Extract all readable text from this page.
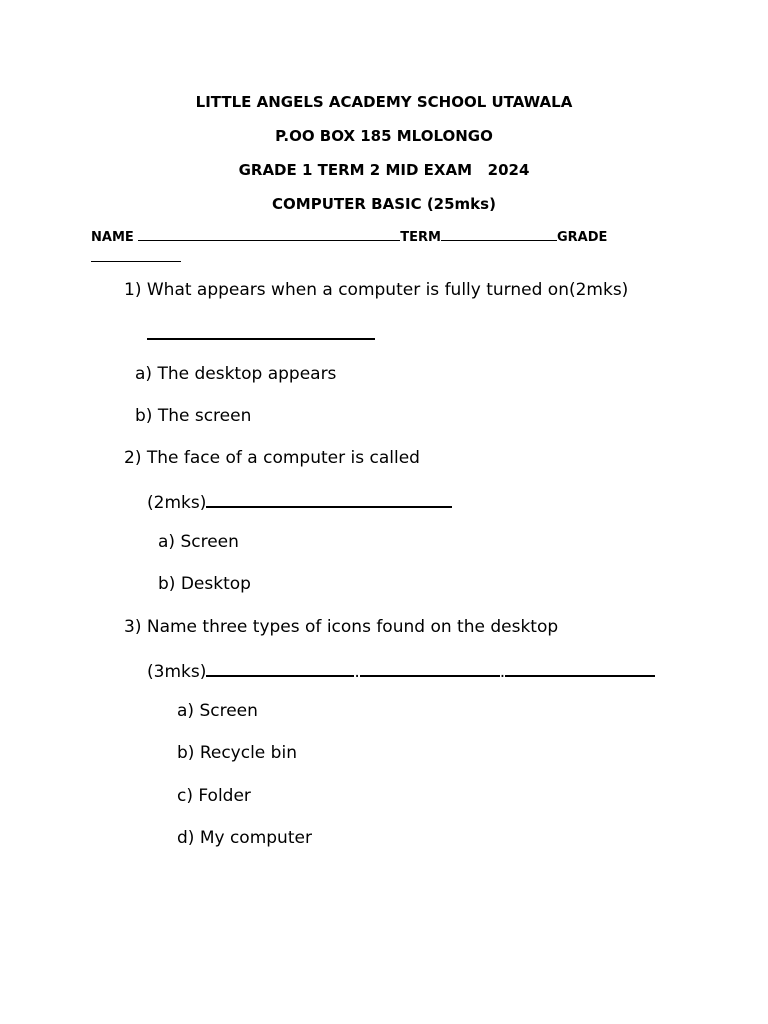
LITTLE ANGELS ACADEMY SCHOOL UTAWALA
P.OO BOX 185 MLOLONGO
GRADE 1 TERM 2 MID EXAM   2024
COMPUTER BASIC (25mks)
NAME	TERM	GRADE
1) What appears when a computer is fully turned on(2mks)
a) The desktop appears
b) The screen
2) The face of a computer is called
(2mks)
a) Screen
b) Desktop
3) Name three types of icons found on the desktop
(3mks)	.	.
a) Screen
b) Recycle bin
c) Folder
d) My computer
